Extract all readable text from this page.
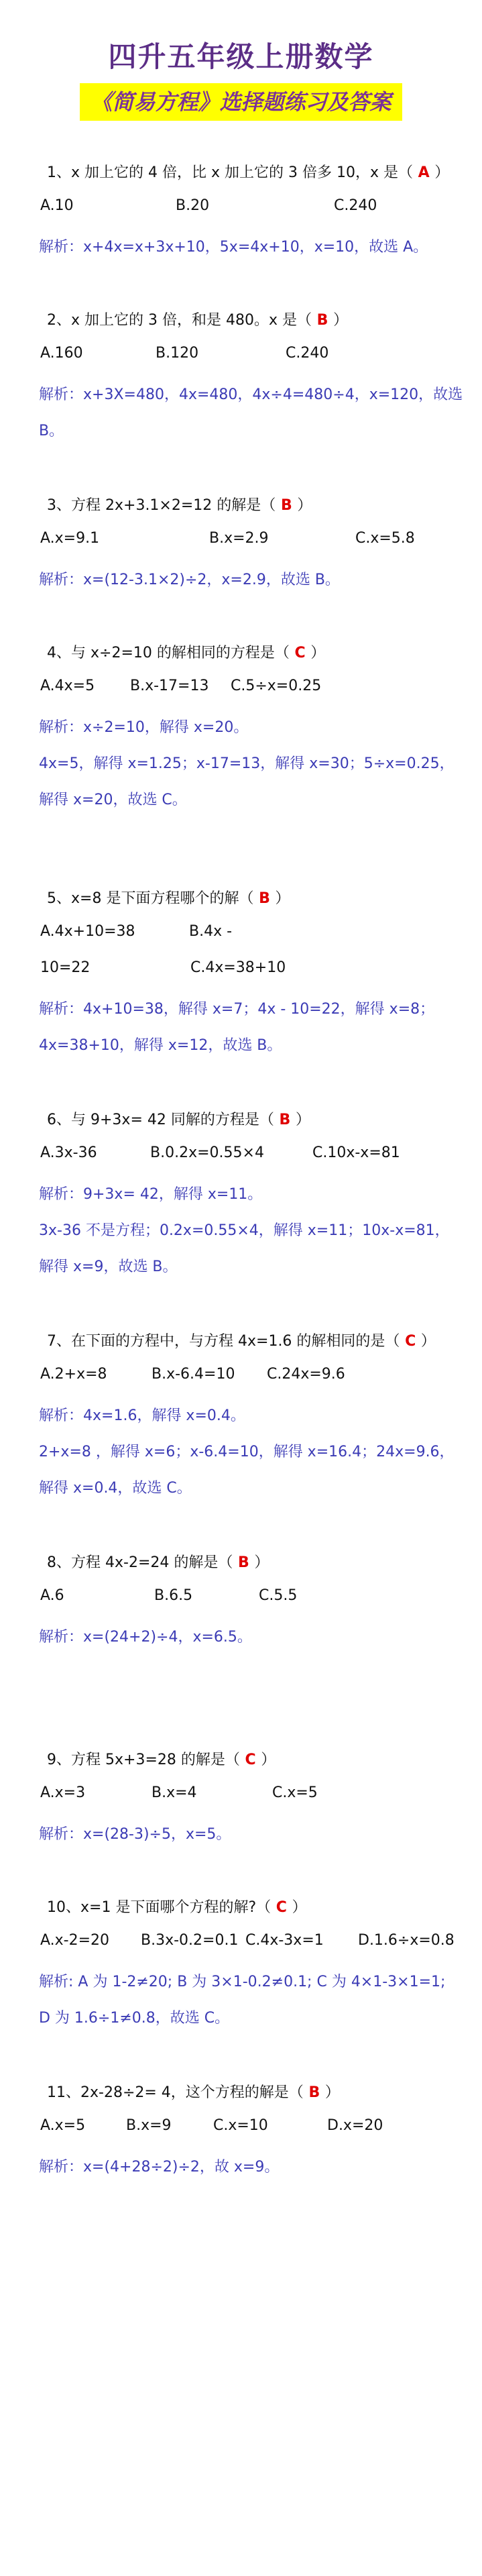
四升五年级上册数学
《简易方程》选择题练习及答案
1、x 加上它的 4 倍，比 x 加上它的 3 倍多 10，x 是（ A ）
A.10	B.20	C.240
解析：x+4x=x+3x+10，5x=4x+10，x=10，故选 A。
2、x 加上它的 3 倍，和是 480。x 是（ B ）
A.160	B.120	C.240
解析：x+3X=480，4x=480，4x÷4=480÷4，x=120，故选
B。
3、方程 2x+3.1×2=12 的解是（ B ）
A.x=9.1	B.x=2.9	C.x=5.8
解析：x=(12-3.1×2)÷2，x=2.9，故选 B。
4、与 x÷2=10 的解相同的方程是（ C ）
A.4x=5 B.x-17=13 C.5÷x=0.25
解析：x÷2=10，解得 x=20。
4x=5，解得 x=1.25；x-17=13，解得 x=30；5÷x=0.25，
解得 x=20，故选 C。
5、x=8 是下面方程哪个的解（ B ）
A.4x+10=38	B.4x -
10=22	C.4x=38+10
解析：4x+10=38，解得 x=7；4x - 10=22，解得 x=8；
4x=38+10，解得 x=12，故选 B。
6、与 9+3x= 42 同解的方程是（ B ）
A.3x-36	B.0.2x=0.55×4	C.10x-x=81
解析：9+3x= 42，解得 x=11。
3x-36 不是方程；0.2x=0.55×4，解得 x=11；10x-x=81，
解得 x=9，故选 B。
7、在下面的方程中，与方程 4x=1.6 的解相同的是（ C ）
A.2+x=8	B.x-6.4=10 C.24x=9.6
解析：4x=1.6，解得 x=0.4。
2+x=8 ，解得 x=6；x-6.4=10，解得 x=16.4；24x=9.6，
解得 x=0.4，故选 C。
8、方程 4x-2=24 的解是（ B ）
A.6	B.6.5	C.5.5
解析：x=(24+2)÷4，x=6.5。
9、方程 5x+3=28 的解是（ C ）
A.x=3	B.x=4	C.x=5
解析：x=(28-3)÷5，x=5。
10、x=1 是下面哪个方程的解?（ C ）
A.x-2=20 B.3x-0.2=0.1 C.4x-3x=1 D.1.6÷x=0.8
解析: A 为 1-2≠20; B 为 3×1-0.2≠0.1; C 为 4×1-3×1=1;
D 为 1.6÷1≠0.8，故选 C。
11、2x-28÷2= 4，这个方程的解是（ B ）
A.x=5	B.x=9	C.x=10	D.x=20
解析：x=(4+28÷2)÷2，故 x=9。
